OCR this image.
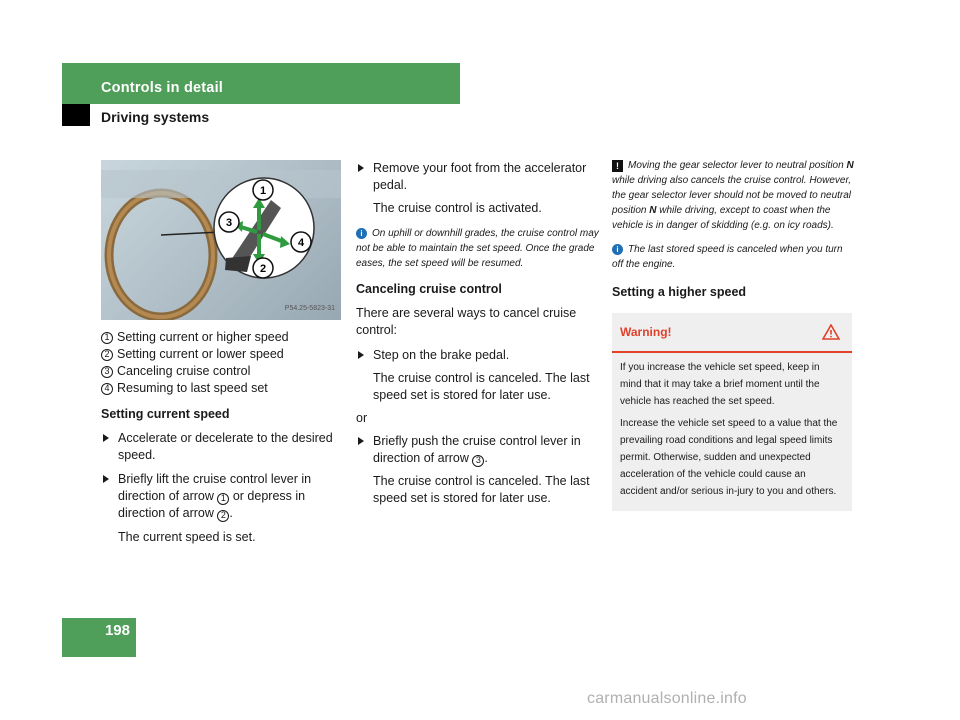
Controls in detail
Driving systems
1
2
3
4
P54.25-5823-31
1 Setting current or higher speed
2 Setting current or lower speed
3 Canceling cruise control
4 Resuming to last speed set
Setting current speed

Accelerate or decelerate to the desired speed.

Briefly lift the cruise control lever in direction of arrow 1 or depress in direction of arrow 2 .

The current speed is set.

Remove your foot from the accelerator pedal.

The cruise control is activated.

i On uphill or downhill grades, the cruise control may not be able to maintain the set speed. Once the grade eases, the set speed will be resumed.

Canceling cruise control

There are several ways to cancel cruise control:

Step on the brake pedal.

The cruise control is canceled. The last speed set is stored for later use.

or

Briefly push the cruise control lever in direction of arrow 3 .

The cruise control is canceled. The last speed set is stored for later use.

! Moving the gear selector lever to neutral position N while driving also cancels the cruise control. However, the gear selector lever should not be moved to neutral position N while driving, except to coast when the vehicle is in danger of skidding (e.g. on icy roads).

i The last stored speed is canceled when you turn off the engine.

Setting a higher speed
Warning!

If you increase the vehicle set speed, keep in mind that it may take a brief moment until the vehicle has reached the set speed.

Increase the vehicle set speed to a value that the prevailing road conditions and legal speed limits permit. Otherwise, sudden and unexpected acceleration of the vehicle could cause an accident and/or serious in-jury to you and others.

198
carmanualsonline.info
